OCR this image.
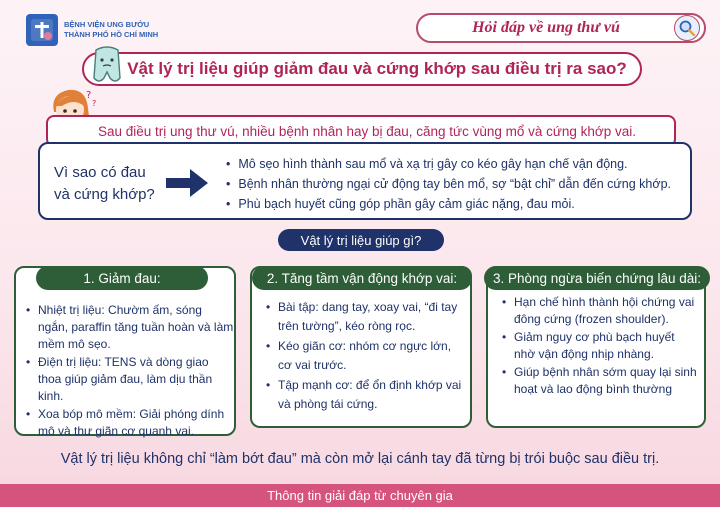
BỆNH VIỆN UNG BƯỚU
THÀNH PHỐ HỒ CHÍ MINH	Hỏi đáp về ung thư vú
Vật lý trị liệu giúp giảm đau và cứng khớp sau điều trị ra sao?
?
?
Sau điều trị ung thư vú, nhiều bệnh nhân hay bị đau, căng tức vùng mổ và cứng khớp vai.
Vì sao có đau và cứng khớp?
• Mô sẹo hình thành sau mổ và xạ trị gây co kéo gây hạn chế vận động.
• Bệnh nhân thường ngại cử động tay bên mổ, sợ “bật chỉ” dẫn đến cứng khớp.
• Phù bạch huyết cũng góp phần gây cảm giác nặng, đau mỏi.
Vật lý trị liệu giúp gì?
1. Giảm đau:
• Nhiệt trị liệu: Chườm ấm, sóng ngắn, paraffin tăng tuần hoàn và làm mềm mô sẹo.
• Điện trị liệu: TENS và dòng giao thoa giúp giảm đau, làm dịu thần kinh.
• Xoa bóp mô mềm: Giải phóng dính mô và thư giãn cơ quanh vai.
2. Tăng tầm vận động khớp vai:
• Bài tập: dang tay, xoay vai, “đi tay trên tường”, kéo ròng rọc.
• Kéo giãn cơ: nhóm cơ ngực lớn, cơ vai trước.
• Tập mạnh cơ: để ổn định khớp vai và phòng tái cứng.
3. Phòng ngừa biến chứng lâu dài:
• Hạn chế hình thành hội chứng vai đông cứng (frozen shoulder).
• Giảm nguy cơ phù bạch huyết nhờ vận động nhịp nhàng.
• Giúp bệnh nhân sớm quay lại sinh hoạt và lao động bình thường
Vật lý trị liệu không chỉ “làm bớt đau” mà còn mở lại cánh tay đã từng bị trói buộc sau điều trị.
Thông tin giải đáp từ chuyên gia
